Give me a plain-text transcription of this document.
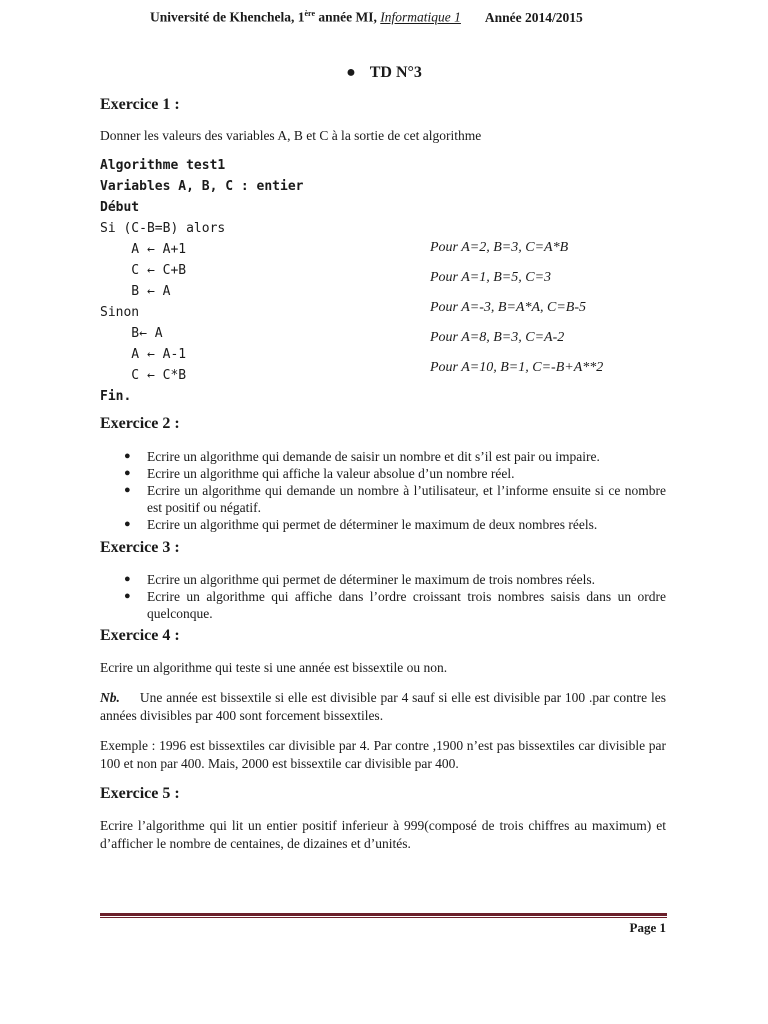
Université de Khenchela, 1ère année MI, Informatique 1 Année 2014/2015
● TD N°3
Exercice 1 :
Donner les valeurs des variables A, B et C à la sortie de cet algorithme
Algorithme test1
Variables A, B, C : entier
Début
Si (C-B=B) alors
A ← A+1
C ← C+B
B ← A
Sinon
B← A
A ← A-1
C ← C*B
Fin.
Pour A=2, B=3, C=A*B
Pour A=1, B=5, C=3
Pour A=-3, B=A*A, C=B-5
Pour A=8, B=3, C=A-2
Pour A=10, B=1, C=-B+A**2
Exercice 2 :
● Ecrire un algorithme qui demande de saisir un nombre et dit s’il est pair ou impaire.
● Ecrire un algorithme qui affiche la valeur absolue d’un nombre réel.
● Ecrire un algorithme qui demande un nombre à l’utilisateur, et l’informe ensuite si ce nombre est positif ou négatif.
● Ecrire un algorithme qui permet de déterminer le maximum de deux nombres réels.
Exercice 3 :
● Ecrire un algorithme qui permet de déterminer le maximum de trois nombres réels.
● Ecrire un algorithme qui affiche dans l’ordre croissant trois nombres saisis dans un ordre quelconque.
Exercice 4 :
Ecrire un algorithme qui teste si une année est bissextile ou non.
Nb. Une année est bissextile si elle est divisible par 4 sauf si elle est divisible par 100 .par contre les années divisibles par 400 sont forcement bissextiles.
Exemple : 1996 est bissextiles car divisible par 4. Par contre ,1900 n’est pas bissextiles car divisible par 100 et non par 400. Mais, 2000 est bissextile car divisible par 400.
Exercice 5 :
Ecrire l’algorithme qui lit un entier positif inferieur à 999(composé de trois chiffres au maximum) et d’afficher le nombre de centaines, de dizaines et d’unités.
Page 1
